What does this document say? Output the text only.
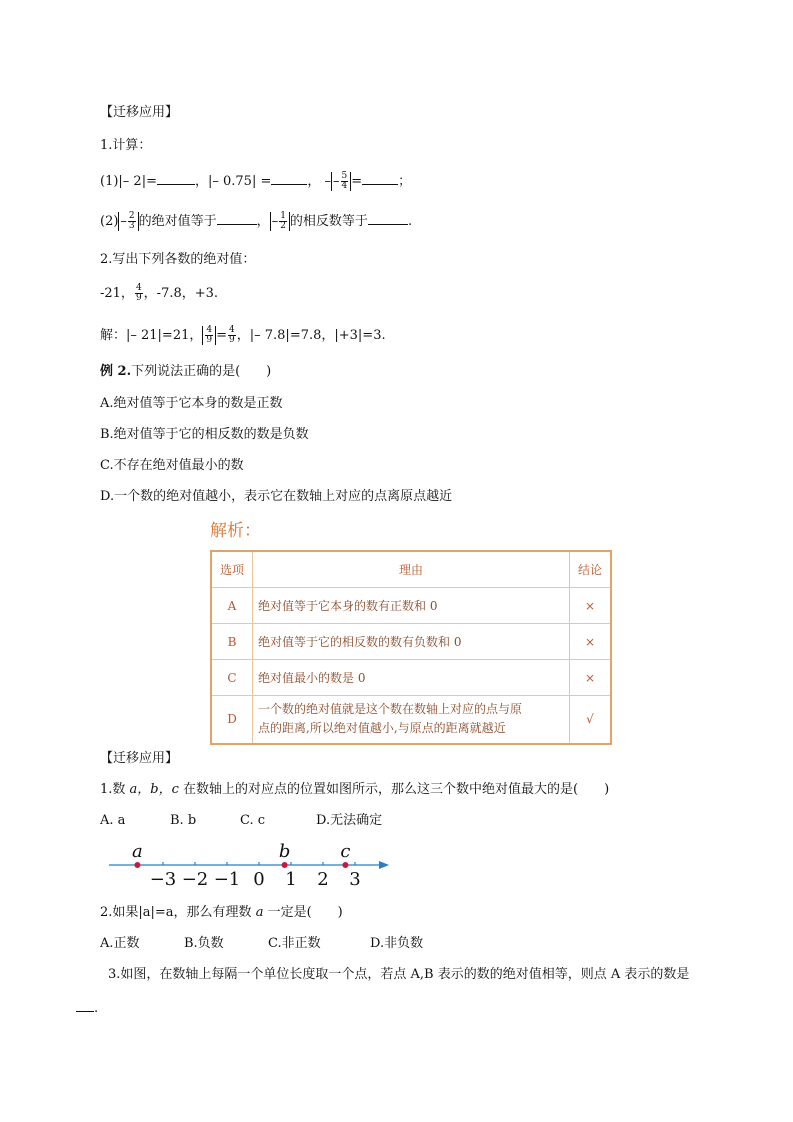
【迁移应用】
1.计算：
(1)|– 2|=	，|– 0.75| =	， – – $\frac{5}{4}$ =	；
$(2) - \frac{2}{3}$ 的绝对值等于	， – $\frac{1}{2}$ 的相反数等于	.
2.写出下列各数的绝对值：
-21， $\frac{4}{9}$ ，-7.8，+3.
解：|– 21|=21， $\frac{4}{9} = \frac{4}{9}$ ，|– 7.8|=7.8，|+3|=3.
例 2.下列说法正确的是(　　)
A.绝对值等于它本身的数是正数
B.绝对值等于它的相反数的数是负数
C.不存在绝对值最小的数
D.一个数的绝对值越小，表示它在数轴上对应的点离原点越近
解析：
选项	理由	结论
A	绝对值等于它本身的数有正数和 0	×
B	绝对值等于它的相反数的数有负数和 0	×
C	绝对值最小的数是 0	×
D	一个数的绝对值就是这个数在数轴上对应的点与原
点的距离,所以绝对值越小,与原点的距离就越近	√
【迁移应用】
1.数 a，b，c 在数轴上的对应点的位置如图所示，那么这三个数中绝对值最大的是(　　)
A. a	B. b	C. c	D.无法确定
−3 −2 −1 0 1 2 3
a	b	c
2.如果|a|=a，那么有理数 a 一定是(　　)
A.正数	B.负数	C.非正数	D.非负数
3.如图，在数轴上每隔一个单位长度取一个点，若点 A,B 表示的数的绝对值相等，则点 A 表示的数是
.
